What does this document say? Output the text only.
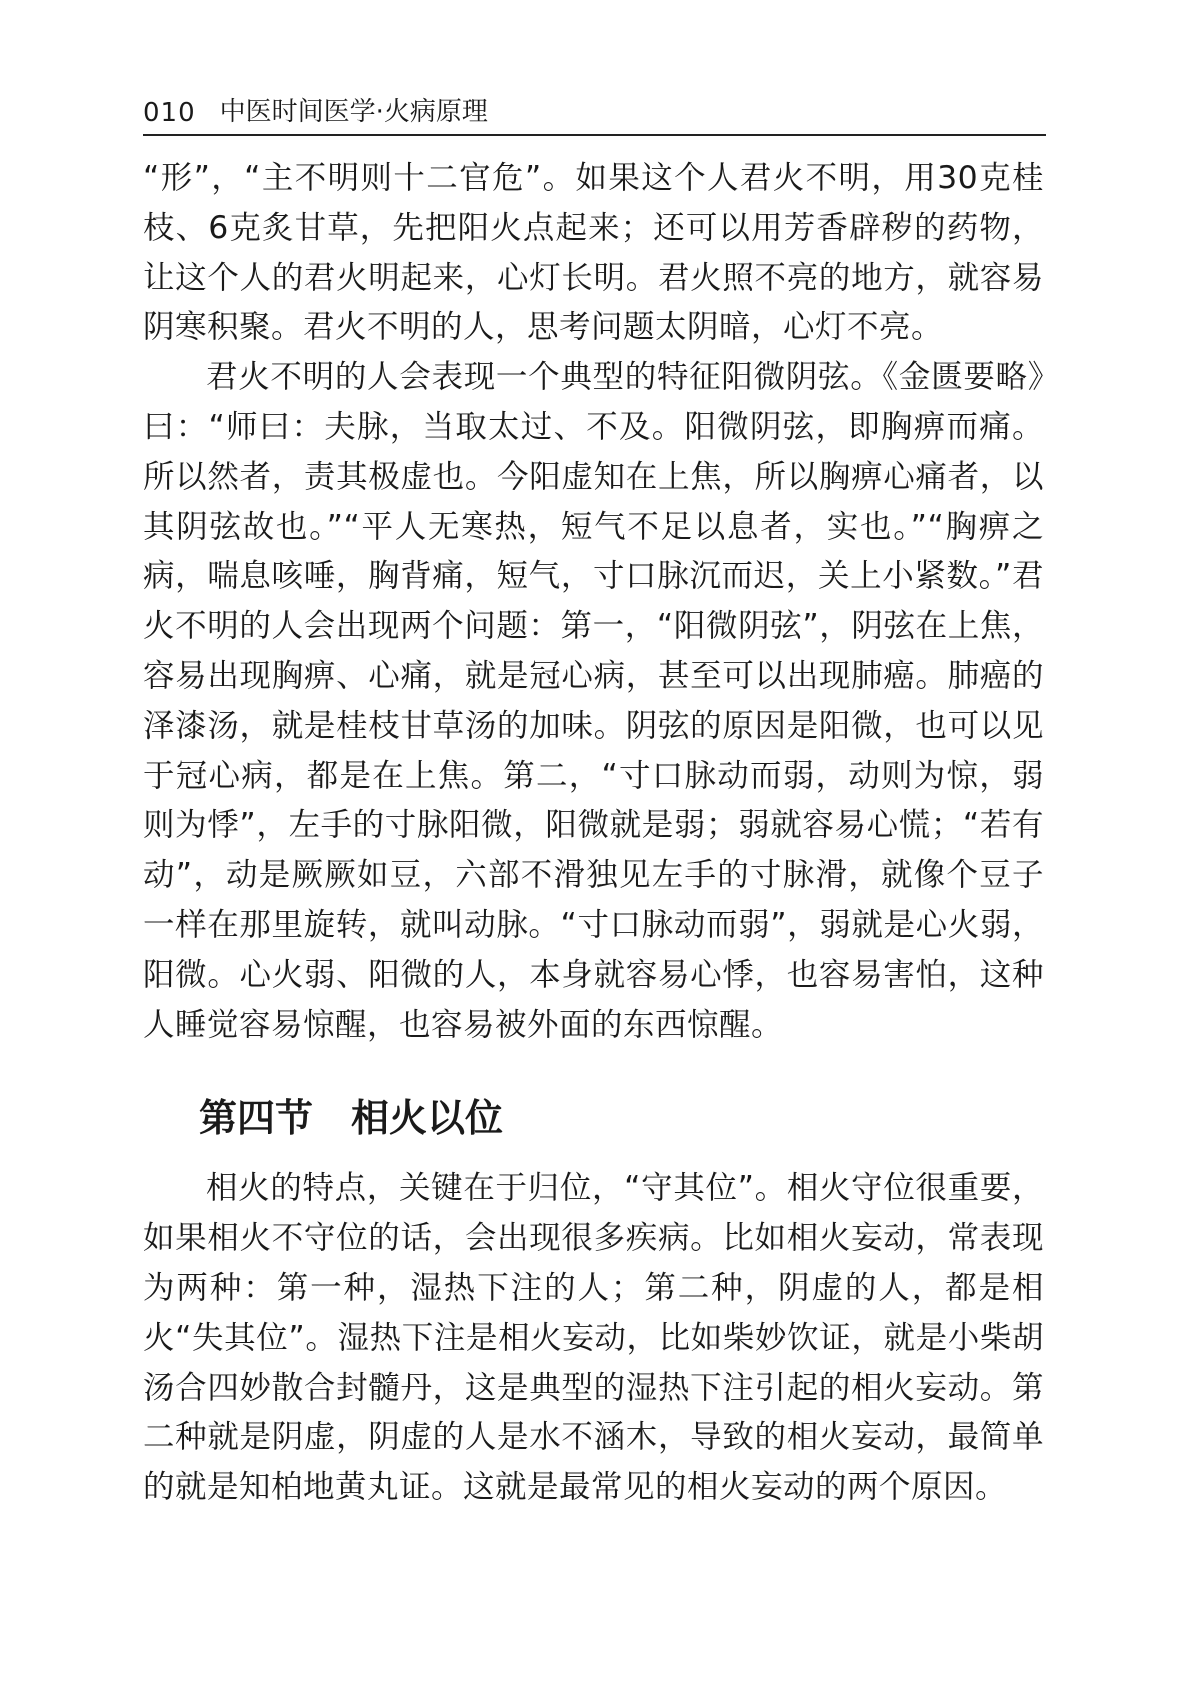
010 中医时间医学·火病原理

“形”，“主不明则十二官危”。如果这个人君火不明，用30克桂枝、6克炙甘草，先把阳火点起来；还可以用芳香辟秽的药物，让这个人的君火明起来，心灯长明。君火照不亮的地方，就容易阴寒积聚。君火不明的人，思考问题太阴暗，心灯不亮。

君火不明的人会表现一个典型的特征阳微阴弦。《金匮要略》曰：“师曰：夫脉，当取太过、不及。阳微阴弦，即胸痹而痛。所以然者，责其极虚也。今阳虚知在上焦，所以胸痹心痛者，以其阴弦故也。”“平人无寒热，短气不足以息者，实也。”“胸痹之病，喘息咳唾，胸背痛，短气，寸口脉沉而迟，关上小紧数。”君火不明的人会出现两个问题：第一，“阳微阴弦”，阴弦在上焦，容易出现胸痹、心痛，就是冠心病，甚至可以出现肺癌。肺癌的泽漆汤，就是桂枝甘草汤的加味。阴弦的原因是阳微，也可以见于冠心病，都是在上焦。第二，“寸口脉动而弱，动则为惊，弱则为悸”，左手的寸脉阳微，阳微就是弱；弱就容易心慌；“若有动”，动是厥厥如豆，六部不滑独见左手的寸脉滑，就像个豆子一样在那里旋转，就叫动脉。“寸口脉动而弱”，弱就是心火弱，阳微。心火弱、阳微的人，本身就容易心悸，也容易害怕，这种人睡觉容易惊醒，也容易被外面的东西惊醒。

第四节　相火以位

相火的特点，关键在于归位，“守其位”。相火守位很重要，如果相火不守位的话，会出现很多疾病。比如相火妄动，常表现为两种：第一种，湿热下注的人；第二种，阴虚的人，都是相火“失其位”。湿热下注是相火妄动，比如柴妙饮证，就是小柴胡汤合四妙散合封髓丹，这是典型的湿热下注引起的相火妄动。第二种就是阴虚，阴虚的人是水不涵木，导致的相火妄动，最简单的就是知柏地黄丸证。这就是最常见的相火妄动的两个原因。
